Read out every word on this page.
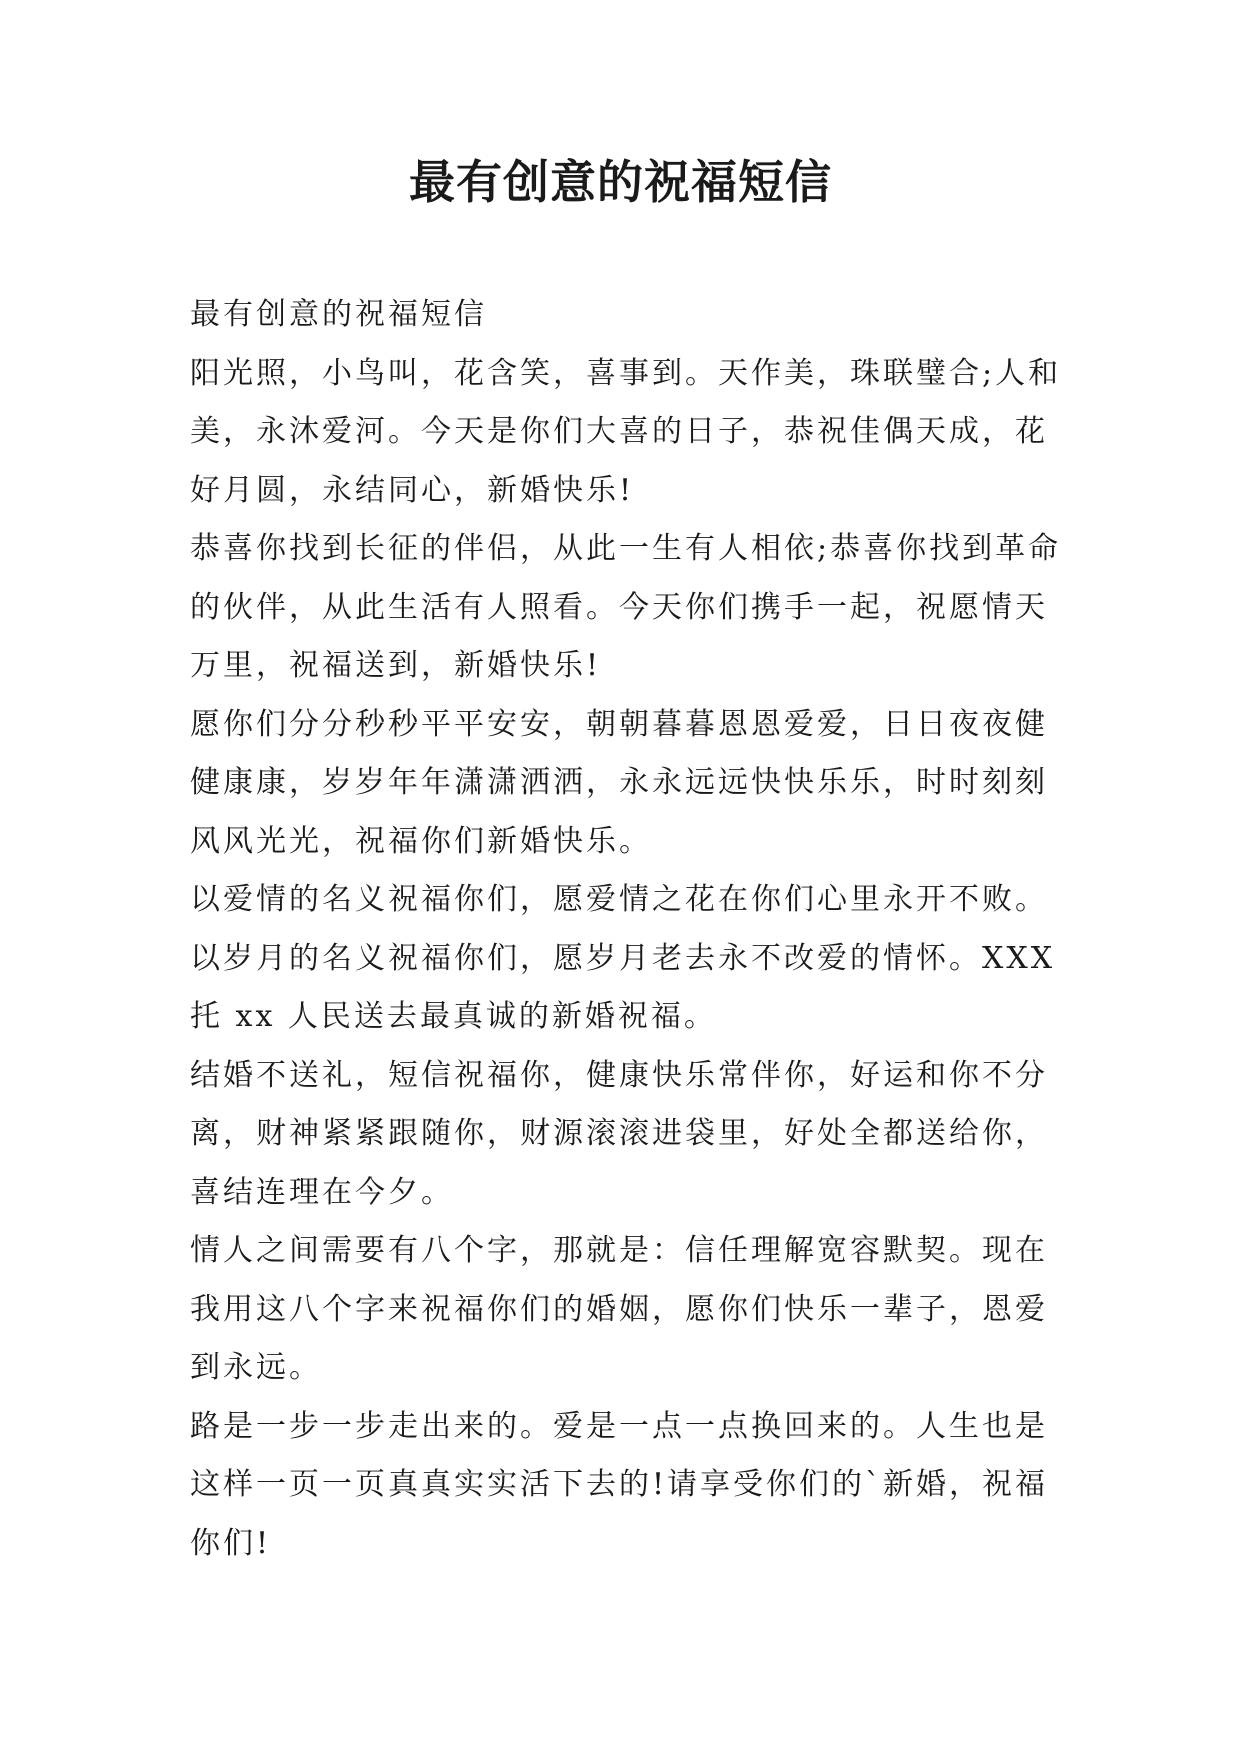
最有创意的祝福短信

最有创意的祝福短信

阳光照，小鸟叫，花含笑，喜事到。天作美，珠联璧合;人和美，永沐爱河。今天是你们大喜的日子，恭祝佳偶天成，花好月圆，永结同心，新婚快乐!

恭喜你找到长征的伴侣，从此一生有人相依;恭喜你找到革命的伙伴，从此生活有人照看。今天你们携手一起，祝愿情天万里，祝福送到，新婚快乐!

愿你们分分秒秒平平安安，朝朝暮暮恩恩爱爱，日日夜夜健健康康，岁岁年年潇潇洒洒，永永远远快快乐乐，时时刻刻风风光光，祝福你们新婚快乐。

以爱情的名义祝福你们，愿爱情之花在你们心里永开不败。以岁月的名义祝福你们，愿岁月老去永不改爱的情怀。XXX 托 xx 人民送去最真诚的新婚祝福。

结婚不送礼，短信祝福你，健康快乐常伴你，好运和你不分离，财神紧紧跟随你，财源滚滚进袋里，好处全都送给你，喜结连理在今夕。

情人之间需要有八个字，那就是：信任理解宽容默契。现在我用这八个字来祝福你们的婚姻，愿你们快乐一辈子，恩爱到永远。

路是一步一步走出来的。爱是一点一点换回来的。人生也是这样一页一页真真实实活下去的!请享受你们的`新婚，祝福你们!
